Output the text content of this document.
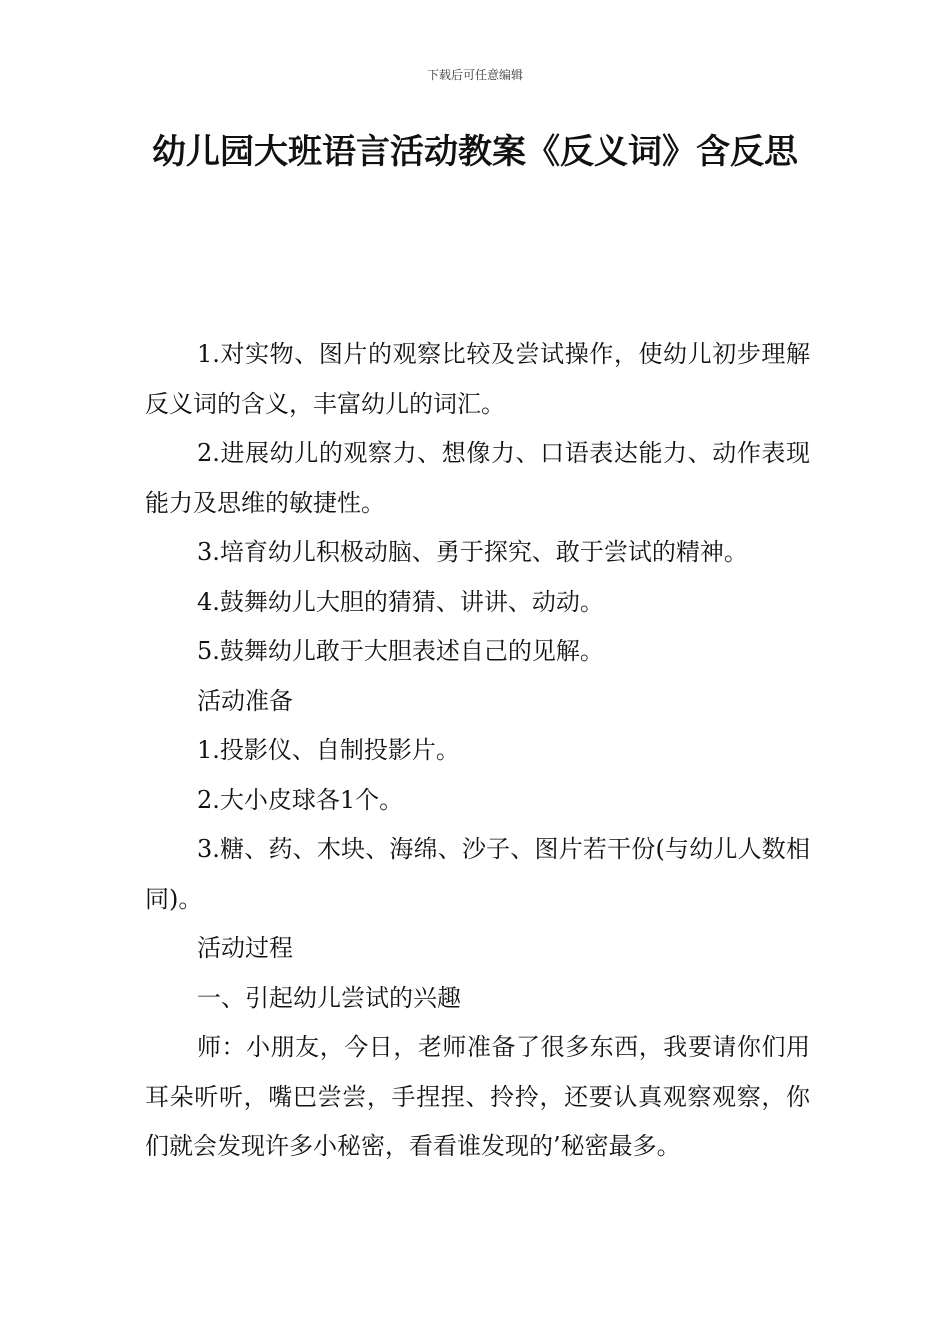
下载后可任意编辑
幼儿园大班语言活动教案《反义词》含反思

1.对实物、图片的观察比较及尝试操作，使幼儿初步理解反义词的含义，丰富幼儿的词汇。

2.进展幼儿的观察力、想像力、口语表达能力、动作表现能力及思维的敏捷性。

3.培育幼儿积极动脑、勇于探究、敢于尝试的精神。

4.鼓舞幼儿大胆的猜猜、讲讲、动动。

5.鼓舞幼儿敢于大胆表述自己的见解。

活动准备

1.投影仪、自制投影片。

2.大小皮球各1个。

3.糖、药、木块、海绵、沙子、图片若干份(与幼儿人数相同)。

活动过程

一、引起幼儿尝试的兴趣

师：小朋友，今日，老师准备了很多东西，我要请你们用耳朵听听，嘴巴尝尝，手捏捏、拎拎，还要认真观察观察，你们就会发现许多小秘密，看看谁发现的’秘密最多。
